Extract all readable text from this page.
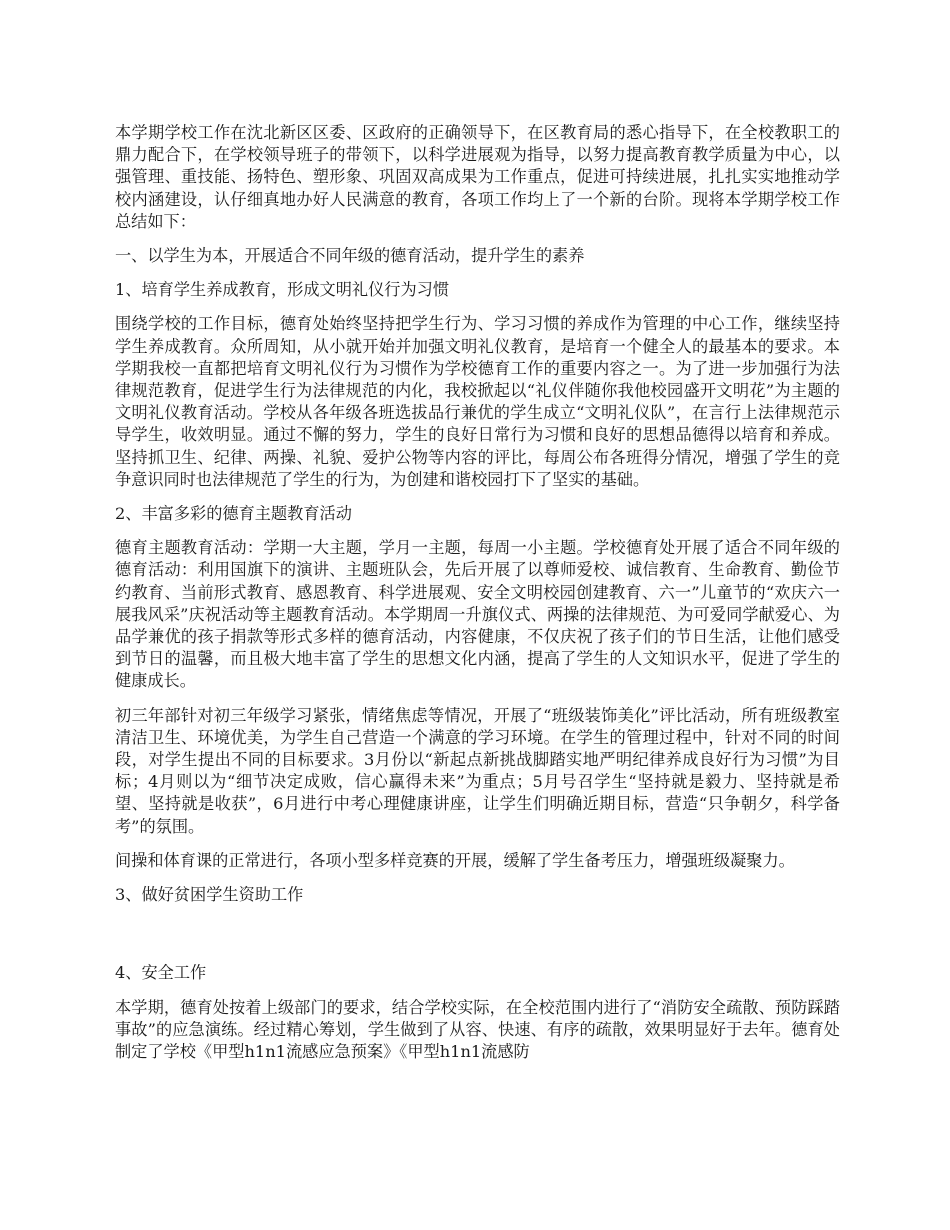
本学期学校工作在沈北新区区委、区政府的正确领导下，在区教育局的悉心指导下，在全校教职工的鼎力配合下，在学校领导班子的带领下，以科学进展观为指导，以努力提高教育教学质量为中心，以强管理、重技能、扬特色、塑形象、巩固双高成果为工作重点，促进可持续进展，扎扎实实地推动学校内涵建设，认仔细真地办好人民满意的教育，各项工作均上了一个新的台阶。现将本学期学校工作总结如下：

一、以学生为本，开展适合不同年级的德育活动，提升学生的素养

1、培育学生养成教育，形成文明礼仪行为习惯

围绕学校的工作目标，德育处始终坚持把学生行为、学习习惯的养成作为管理的中心工作，继续坚持学生养成教育。众所周知，从小就开始并加强文明礼仪教育，是培育一个健全人的最基本的要求。本学期我校一直都把培育文明礼仪行为习惯作为学校德育工作的重要内容之一。为了进一步加强行为法律规范教育，促进学生行为法律规范的内化，我校掀起以“礼仪伴随你我他校园盛开文明花”为主题的文明礼仪教育活动。学校从各年级各班选拔品行兼优的学生成立“文明礼仪队”，在言行上法律规范示导学生，收效明显。通过不懈的努力，学生的良好日常行为习惯和良好的思想品德得以培育和养成。坚持抓卫生、纪律、两操、礼貌、爱护公物等内容的评比，每周公布各班得分情况，增强了学生的竞争意识同时也法律规范了学生的行为，为创建和谐校园打下了坚实的基础。

2、丰富多彩的德育主题教育活动

德育主题教育活动：学期一大主题，学月一主题，每周一小主题。学校德育处开展了适合不同年级的德育活动：利用国旗下的演讲、主题班队会，先后开展了以尊师爱校、诚信教育、生命教育、勤俭节约教育、当前形式教育、感恩教育、科学进展观、安全文明校园创建教育、六一”儿童节的“欢庆六一 展我风采”庆祝活动等主题教育活动。本学期周一升旗仪式、两操的法律规范、为可爱同学献爱心、为品学兼优的孩子捐款等形式多样的德育活动，内容健康，不仅庆祝了孩子们的节日生活，让他们感受到节日的温馨，而且极大地丰富了学生的思想文化内涵，提高了学生的人文知识水平，促进了学生的健康成长。

初三年部针对初三年级学习紧张，情绪焦虑等情况，开展了“班级装饰美化”评比活动，所有班级教室清洁卫生、环境优美，为学生自己营造一个满意的学习环境。在学生的管理过程中，针对不同的时间段，对学生提出不同的目标要求。3月份以“新起点新挑战脚踏实地严明纪律养成良好行为习惯”为目标；4月则以为“细节决定成败，信心赢得未来”为重点；5月号召学生“坚持就是毅力、坚持就是希望、坚持就是收获”，6月进行中考心理健康讲座，让学生们明确近期目标，营造“只争朝夕，科学备考”的氛围。

间操和体育课的正常进行，各项小型多样竞赛的开展，缓解了学生备考压力，增强班级凝聚力。

3、做好贫困学生资助工作

4、安全工作

本学期，德育处按着上级部门的要求，结合学校实际，在全校范围内进行了“消防安全疏散、预防踩踏事故”的应急演练。经过精心筹划，学生做到了从容、快速、有序的疏散，效果明显好于去年。德育处制定了学校《甲型h1n1流感应急预案》《甲型h1n1流感防
